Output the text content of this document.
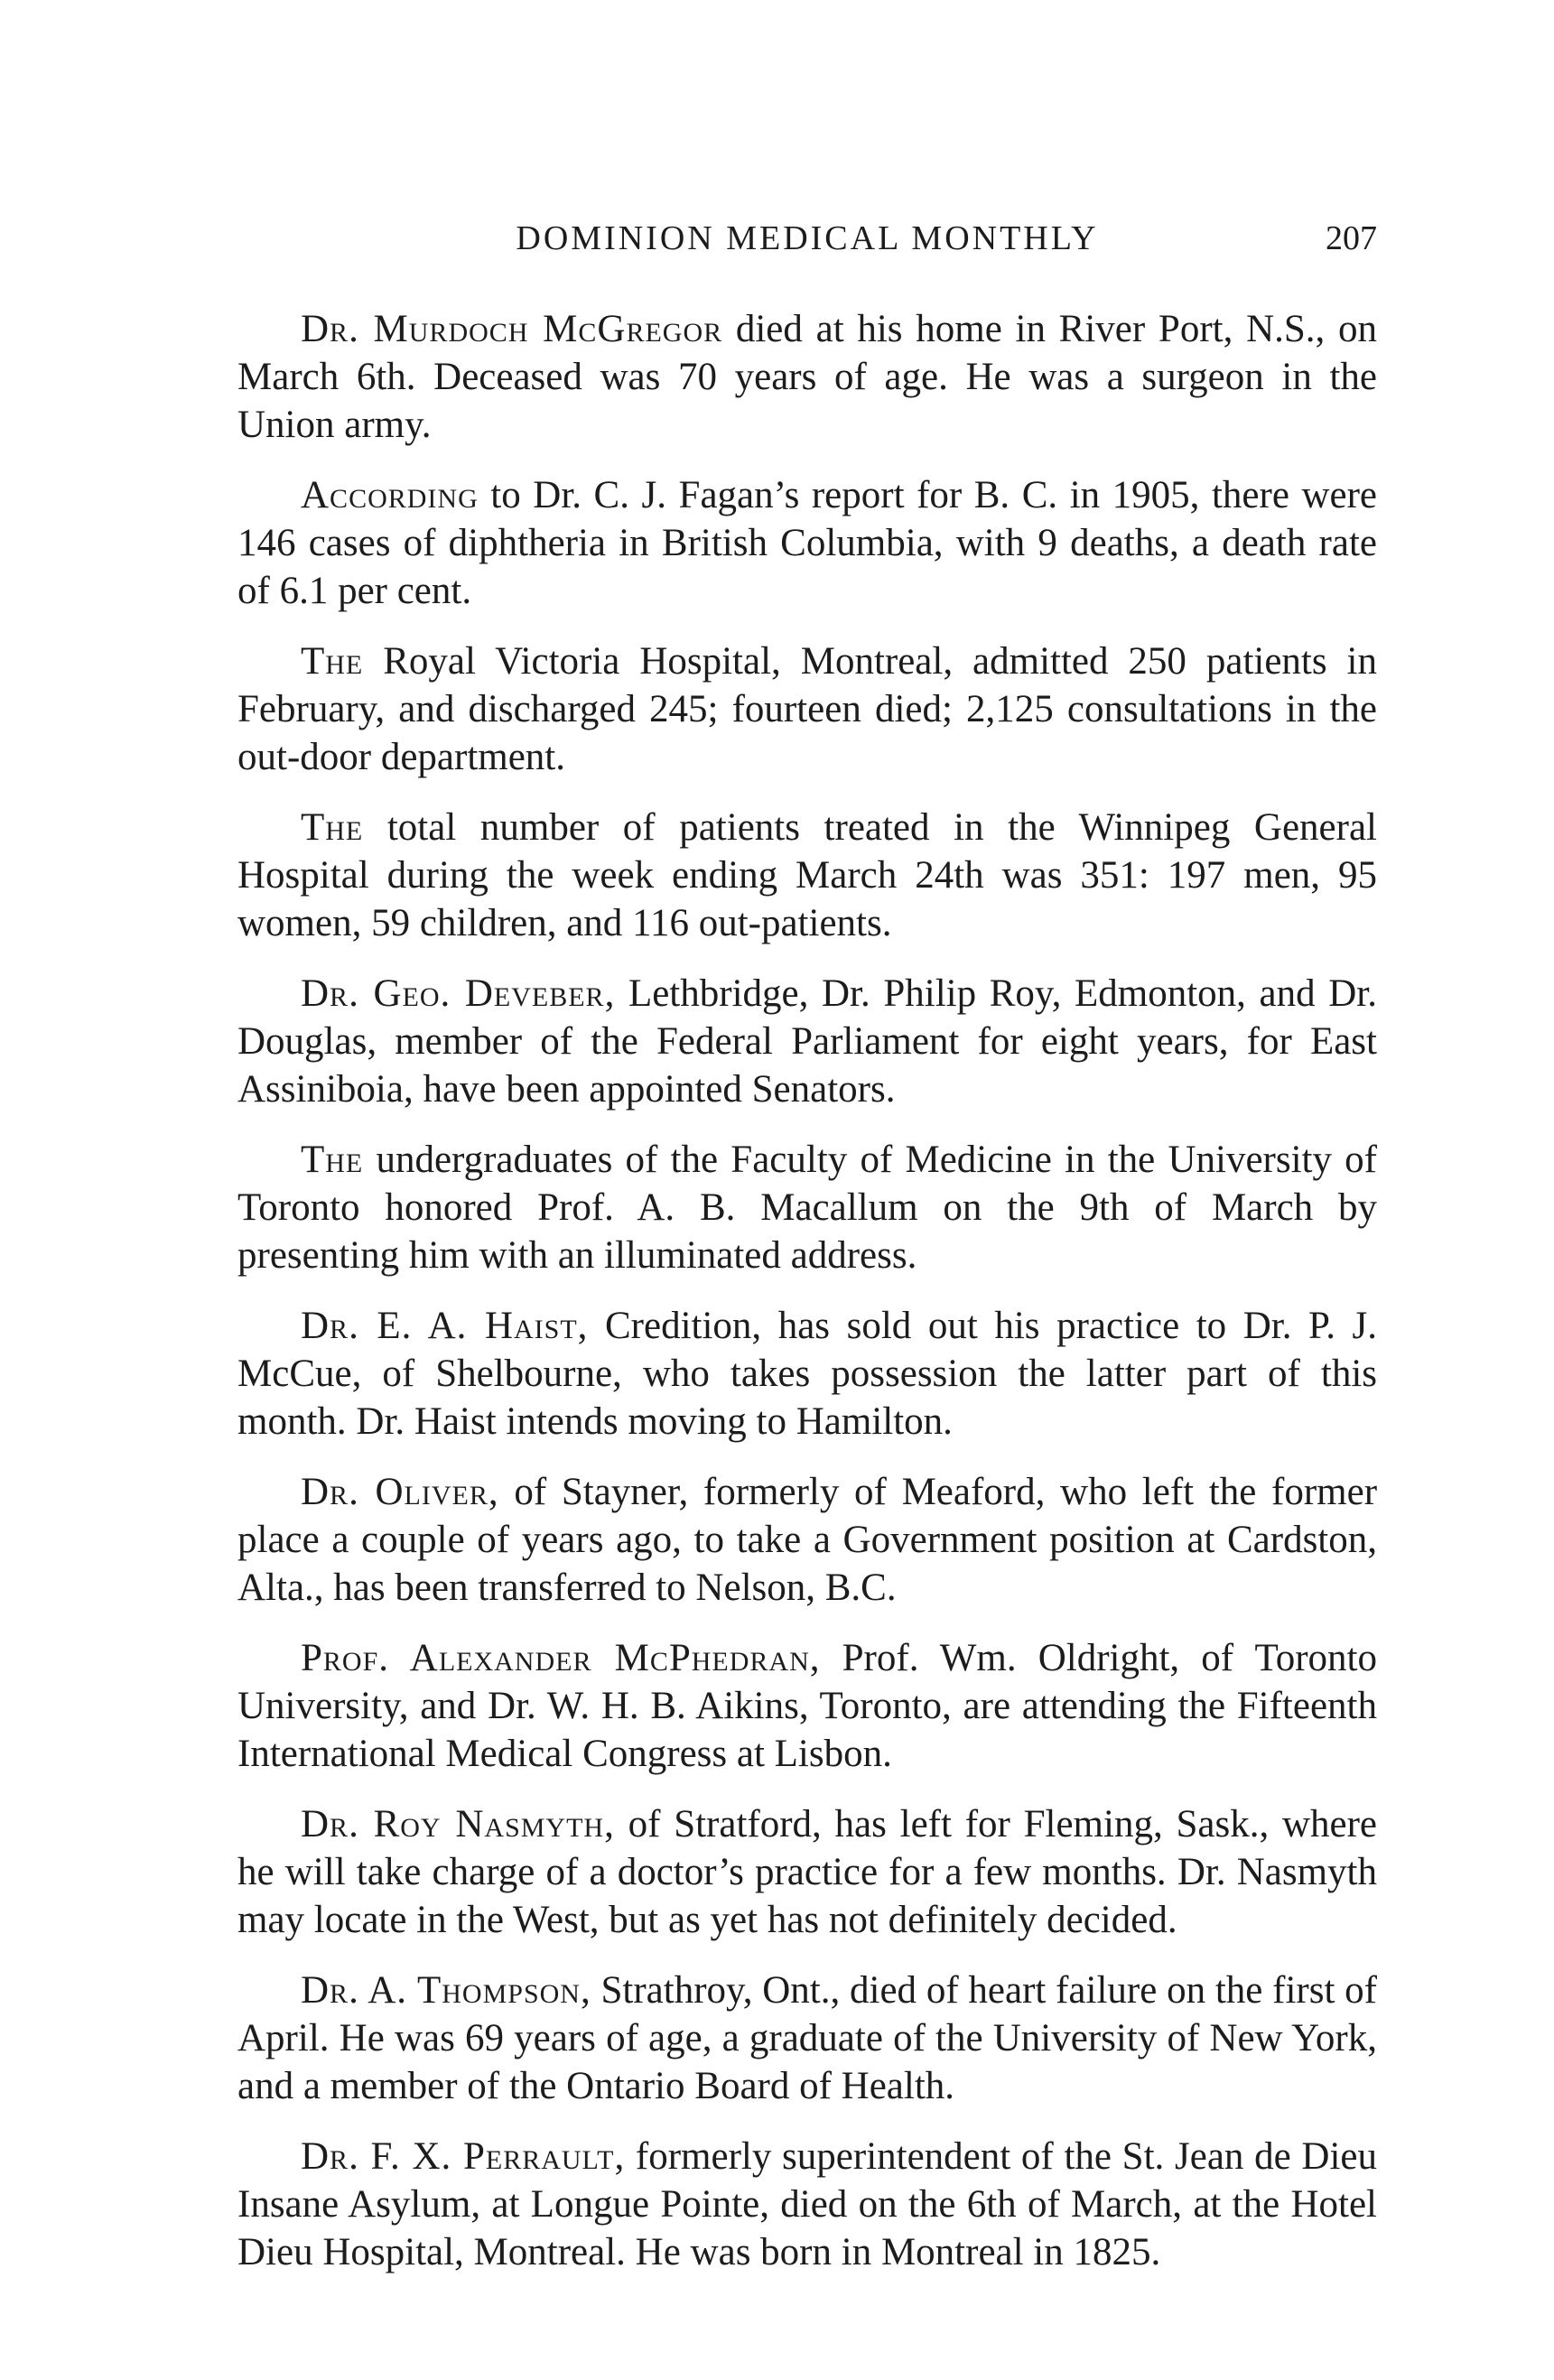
DOMINION MEDICAL MONTHLY	207

Dr. Murdoch McGregor died at his home in River Port, N.S., on March 6th. Deceased was 70 years of age. He was a surgeon in the Union army.

According to Dr. C. J. Fagan’s report for B. C. in 1905, there were 146 cases of diphtheria in British Columbia, with 9 deaths, a death rate of 6.1 per cent.

The Royal Victoria Hospital, Montreal, admitted 250 patients in February, and discharged 245; fourteen died; 2,125 consultations in the out-door department.

The total number of patients treated in the Winnipeg General Hospital during the week ending March 24th was 351: 197 men, 95 women, 59 children, and 116 out-patients.

Dr. Geo. Deveber, Lethbridge, Dr. Philip Roy, Edmonton, and Dr. Douglas, member of the Federal Parliament for eight years, for East Assiniboia, have been appointed Senators.

The undergraduates of the Faculty of Medicine in the University of Toronto honored Prof. A. B. Macallum on the 9th of March by presenting him with an illuminated address.

Dr. E. A. Haist, Credition, has sold out his practice to Dr. P. J. McCue, of Shelbourne, who takes possession the latter part of this month. Dr. Haist intends moving to Hamilton.

Dr. Oliver, of Stayner, formerly of Meaford, who left the former place a couple of years ago, to take a Government position at Cardston, Alta., has been transferred to Nelson, B.C.

Prof. Alexander McPhedran, Prof. Wm. Oldright, of Toronto University, and Dr. W. H. B. Aikins, Toronto, are attending the Fifteenth International Medical Congress at Lisbon.

Dr. Roy Nasmyth, of Stratford, has left for Fleming, Sask., where he will take charge of a doctor’s practice for a few months. Dr. Nasmyth may locate in the West, but as yet has not definitely decided.

Dr. A. Thompson, Strathroy, Ont., died of heart failure on the first of April. He was 69 years of age, a graduate of the University of New York, and a member of the Ontario Board of Health.

Dr. F. X. Perrault, formerly superintendent of the St. Jean de Dieu Insane Asylum, at Longue Pointe, died on the 6th of March, at the Hotel Dieu Hospital, Montreal. He was born in Montreal in 1825.
